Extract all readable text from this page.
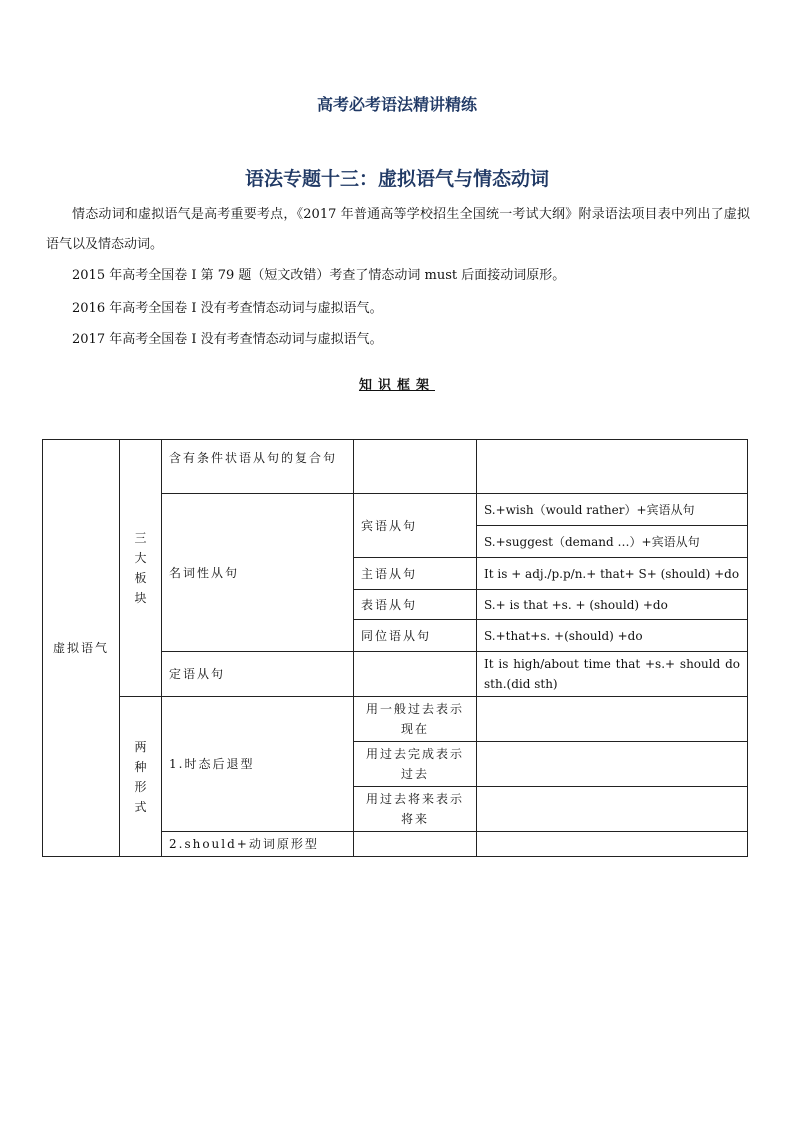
高考必考语法精讲精练
语法专题十三：虚拟语气与情态动词

情态动词和虚拟语气是高考重要考点，《2017 年普通高等学校招生全国统一考试大纲》附录语法项目表中列出了虚拟语气以及情态动词。

2015 年高考全国卷 I 第 79 题（短文改错）考查了情态动词 must 后面接动词原形。

2016 年高考全国卷 I 没有考查情态动词与虚拟语气。

2017 年高考全国卷 I 没有考查情态动词与虚拟语气。

知识框架
虚拟语气	三大板块	含有条件状语从句的复合句		
		名词性从句	宾语从句	S.+wish（would rather）+宾语从句
				S.+suggest（demand …）+宾语从句
			主语从句	It is + adj./p.p/n.+ that+ S+ (should) +do
			表语从句	S.+ is that +s. + (should) +do
			同位语从句	S.+that+s. +(should) +do
		定语从句		It is high/about time that +s.+ should do sth.(did sth)

	两种形式	1.时态后退型	用一般过去表示现在	
			用过去完成表示过去	
			用过去将来表示将来	
		2.should+动词原形型		
